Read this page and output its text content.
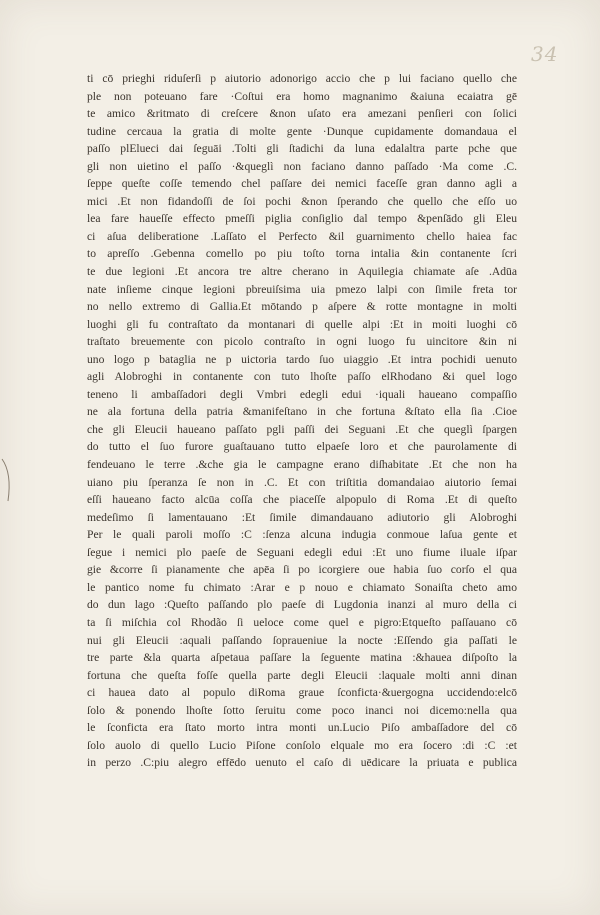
34
ti cō prieghi riduſerſi p aiutorio adonorigo accio che p lui faciano quello che
ple non poteuano fare ·Coſtui era homo magnanimo &aiuna ecaiatra gē
te amico &ritmato di creſcere &non uſato era amezani penſieri con ſolici
tudine cercaua la gratia di molte gente ·Dunque cupidamente domandaua el
paſſo plElueci dai ſeguāi .Tolti gli ſtadichi da luna edalaltra parte pche que
gli non uietino el paſſo ·&queglì non faciano danno paſſado ·Ma come .C.
ſeppe queſte coſſe temendo chel paſſare dei nemici faceſſe gran danno agli a
mici .Et non fidandoſſi de ſoi pochi &non ſperando che quello che eſſo uo
lea fare haueſſe effecto pmeſſi piglia conſiglio dal tempo &penſādo gli Eleu
ci aſua deliberatione .Laſſato el Perfecto &il guarnimento chello haiea fac
to apreſſo .Gebenna comello po piu toſto torna intalia &in contanente ſcri
te due legioni .Et ancora tre altre cherano in Aquilegia chiamate aſe .Adūa
nate inſieme cinque legioni pbreuiſsima uia pmezo lalpi con ſimile freta tor
no nello extremo di Gallia.Et mōtando p aſpere & rotte montagne in molti
luoghi gli fu contraſtato da montanari di quelle alpi :Et in moiti luoghi cō
traſtato breuemente con picolo contraſto in ogni luogo fu uincitore &in ni
uno logo p bataglia ne p uictoria tardo ſuo uiaggio .Et intra pochidi uenuto
agli Alobroghi in contanente con tuto lhoſte paſſo elRhodano &i quel logo
teneno li ambaſſadori degli Vmbri edegli edui ·iquali haueano compaſſio
ne ala fortuna della patria &manifeſtano in che fortuna &ſtato ella ſia .Cioe
che gli Eleucii haueano paſſato pgli paſſi dei Seguani .Et che queglì ſpargen
do tutto el ſuo furore guaſtauano tutto elpaeſe loro et che paurolamente di
fendeuano le terre .&che gia le campagne erano diſhabitate .Et che non ha
uiano piu ſperanza ſe non in .C. Et con triſtitia domandaiao aiutorio ſemai
eſſi haueano facto alcūa coſſa che piaceſſe alpopulo di Roma .Et di queſto
medeſimo ſi lamentauano :Et ſimile dimandauano adiutorio gli Alobroghi
Per le quali paroli moſſo :C :ſenza alcuna indugia conmoue laſua gente et
ſegue i nemici plo paeſe de Seguani edegli edui :Et uno fiume iluale iſpar
gie &corre ſi pianamente che apēa ſi po icorgiere oue habia ſuo corſo el qua
le pantico nome fu chimato :Arar e p nouo e chiamato Sonaiſta cheto amo
do dun lago :Queſto paſſando plo paeſe di Lugdonia inanzi al muro della ci
ta ſi miſchia col Rhodão ſi ueloce come quel e pigro:Etqueſto paſſauano cō
nui gli Eleucii :aquali paſſando ſopraueniue la nocte :Eſſendo gia paſſati le
tre parte &la quarta aſpetaua paſſare la ſeguente matina :&hauea diſpoſto la
fortuna che queſta foſſe quella parte degli Eleucii :laquale molti anni dinan
ci hauea dato al populo diRoma graue ſconficta·&uergogna uccidendo:elcō
ſolo & ponendo lhoſte ſotto ſeruitu come poco inanci noi dicemo:nella qua
le ſconficta era ſtato morto intra monti un.Lucio Piſo ambaſſadore del cō
ſolo auolo di quello Lucio Piſone conſolo elquale mo era ſocero :di :C :et
in perzo .C:piu alegro effēdo uenuto el caſo di uēdicare la priuata e publica
